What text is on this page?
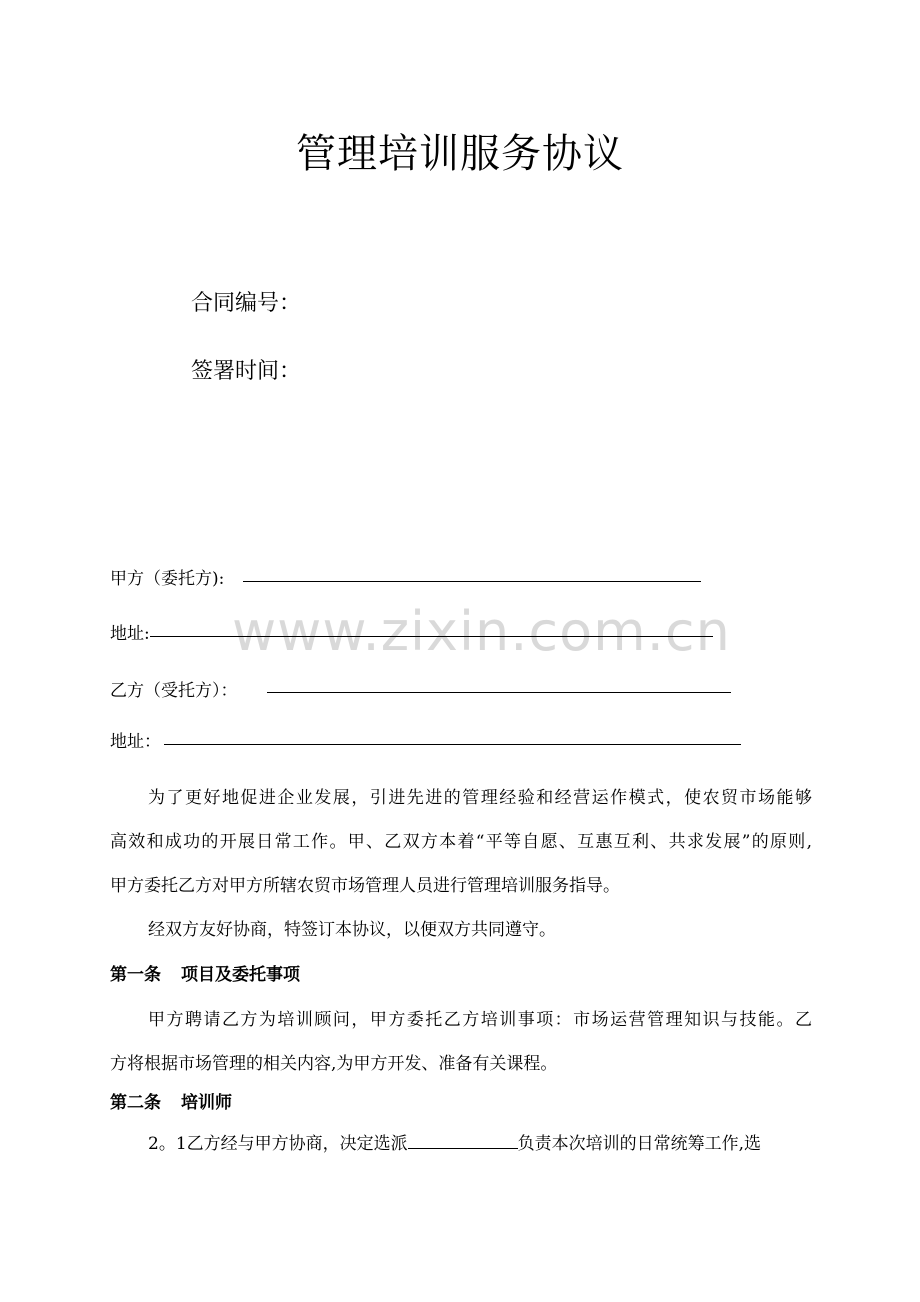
管理培训服务协议
合同编号：
签署时间：
www.zixin.com.cn
甲方（委托方):
地址:
乙方（受托方）：
地址：
为了更好地促进企业发展，引进先进的管理经验和经营运作模式，使农贸市场能够
高效和成功的开展日常工作。甲、乙双方本着“平等自愿、互惠互利、共求发展”的原则,
甲方委托乙方对甲方所辖农贸市场管理人员进行管理培训服务指导。
经双方友好协商，特签订本协议，以便双方共同遵守。
第一条 项目及委托事项
甲方聘请乙方为培训顾问，甲方委托乙方培训事项：市场运营管理知识与技能。乙
方将根据市场管理的相关内容,为甲方开发、准备有关课程。
第二条 培训师
2。1乙方经与甲方协商，决定选派	负责本次培训的日常统筹工作,选
